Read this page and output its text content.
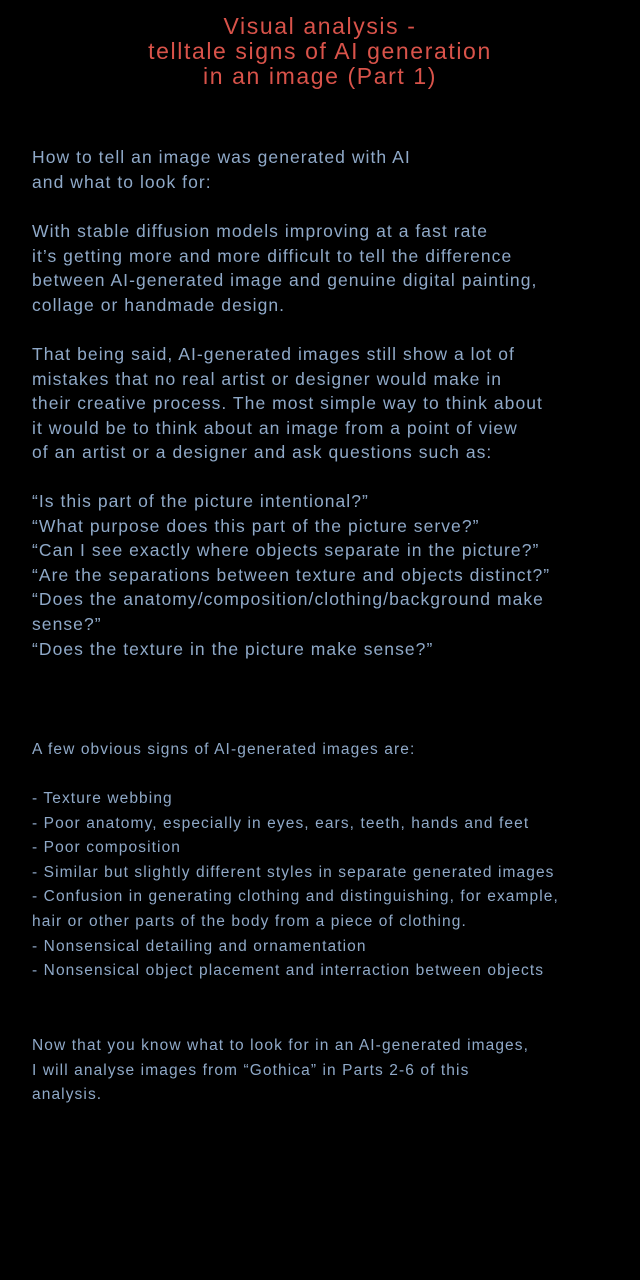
Visual analysis -
telltale signs of AI generation
in an image (Part 1)
How to tell an image was generated with AI
and what to look for:
With stable diffusion models improving at a fast rate
it’s getting more and more difficult to tell the difference
between AI-generated image and genuine digital painting,
collage or handmade design.
That being said, AI-generated images still show a lot of
mistakes that no real artist or designer would make in
their creative process. The most simple way to think about
it would be to think about an image from a point of view
of an artist or a designer and ask questions such as:
“Is this part of the picture intentional?”
“What purpose does this part of the picture serve?”
“Can I see exactly where objects separate in the picture?”
“Are the separations between texture and objects distinct?”
“Does the anatomy/composition/clothing/background make
sense?”
“Does the texture in the picture make sense?”
A few obvious signs of AI-generated images are:
- Texture webbing
- Poor anatomy, especially in eyes, ears, teeth, hands and feet
- Poor composition
- Similar but slightly different styles in separate generated images
- Confusion in generating clothing and distinguishing, for example,
hair or other parts of the body from a piece of clothing.
- Nonsensical detailing and ornamentation
- Nonsensical object placement and interraction between objects
Now that you know what to look for in an AI-generated images,
I will analyse images from “Gothica” in Parts 2-6 of this
analysis.
